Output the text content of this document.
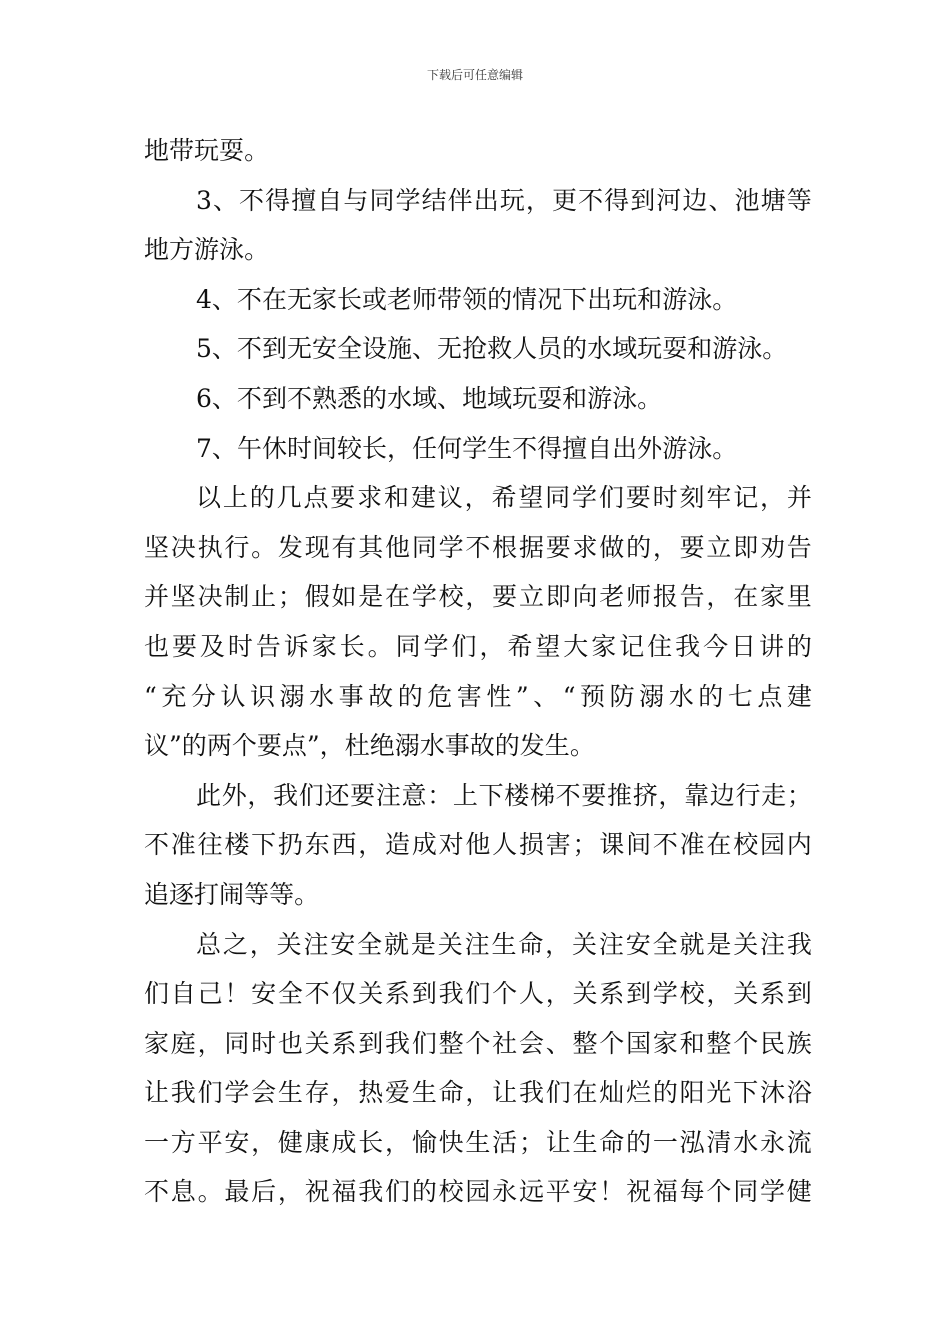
下载后可任意编辑
地 带 玩 耍 。
3 、 不 得 擅 自 与 同 学 结 伴 出 玩 ， 更 不 得 到 河 边 、 池 塘 等
地 方 游 泳 。
4 、 不 在 无 家 长 或 老 师 带 领 的 情 况 下 出 玩 和 游 泳 。
5 、 不 到 无 安 全 设 施 、 无 抢 救 人 员 的 水 域 玩 耍 和 游 泳 。
6 、 不 到 不 熟 悉 的 水 域 、 地 域 玩 耍 和 游 泳 。
7 、 午 休 时 间 较 长 ， 任 何 学 生 不 得 擅 自 出 外 游 泳 。
以 上 的 几 点 要 求 和 建 议 ， 希 望 同 学 们 要 时 刻 牢 记 ， 并
坚 决 执 行 。 发 现 有 其 他 同 学 不 根 据 要 求 做 的 ， 要 立 即 劝 告
并 坚 决 制 止 ； 假 如 是 在 学 校 ， 要 立 即 向 老 师 报 告 ， 在 家 里
也 要 及 时 告 诉 家 长 。 同 学 们 ， 希 望 大 家 记 住 我 今 日 讲 的
“ 充 分 认 识 溺 水 事 故 的 危 害 性 ” 、 “ 预 防 溺 水 的 七 点 建
议 ” 的 两 个 要 点 ” ， 杜 绝 溺 水 事 故 的 发 生 。
此 外 ， 我 们 还 要 注 意 ： 上 下 楼 梯 不 要 推 挤 ， 靠 边 行 走 ；
不 准 往 楼 下 扔 东 西 ， 造 成 对 他 人 损 害 ； 课 间 不 准 在 校 园 内
追 逐 打 闹 等 等 。
总 之 ， 关 注 安 全 就 是 关 注 生 命 ， 关 注 安 全 就 是 关 注 我
们 自 己 ！ 安 全 不 仅 关 系 到 我 们 个 人 ， 关 系 到 学 校 ， 关 系 到
家 庭 ， 同 时 也 关 系 到 我 们 整 个 社 会 、 整 个 国 家 和 整 个 民 族
让 我 们 学 会 生 存 ， 热 爱 生 命 ， 让 我 们 在 灿 烂 的 阳 光 下 沐 浴
一 方 平 安 ， 健 康 成 长 ， 愉 快 生 活 ； 让 生 命 的 一 泓 清 水 永 流
不 息 。 最 后 ， 祝 福 我 们 的 校 园 永 远 平 安 ！ 祝 福 每 个 同 学 健
